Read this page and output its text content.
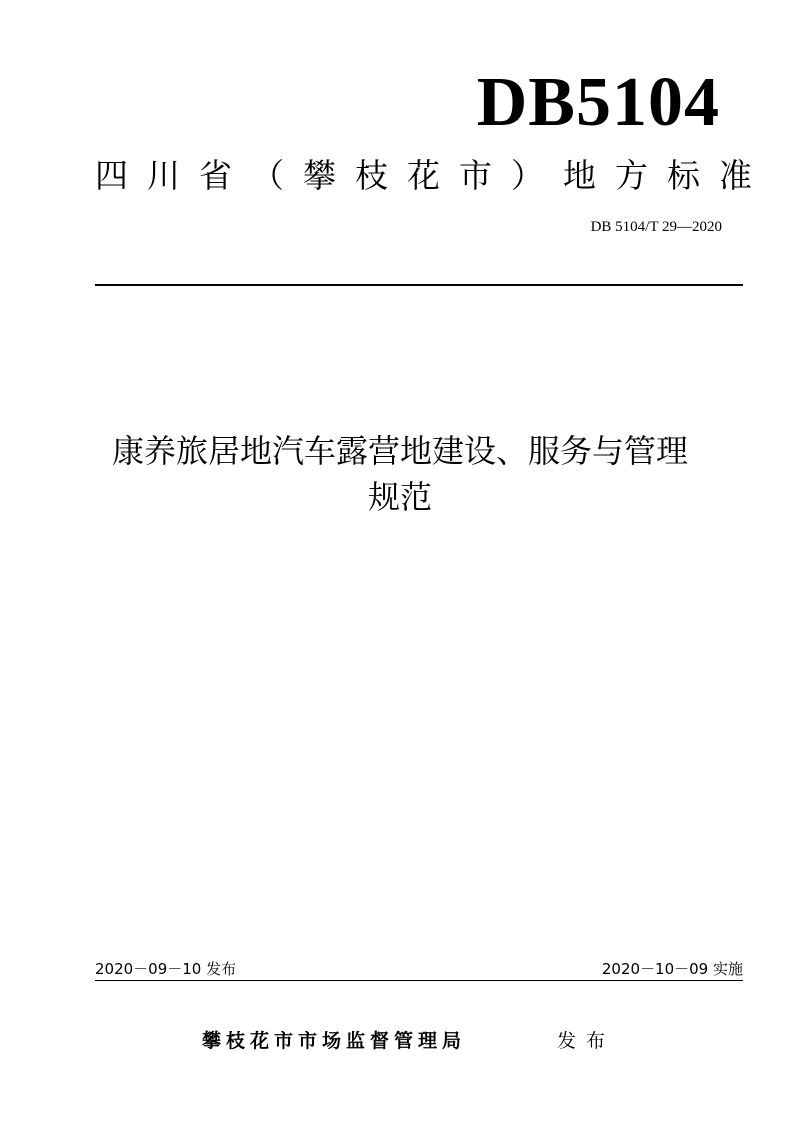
DB5104
四川省（攀枝花市）地方标准
DB 5104/T 29—2020
康养旅居地汽车露营地建设、服务与管理
规范
2020－09－10 发布	2020－10－09 实施
攀枝花市市场监督管理局	发布
